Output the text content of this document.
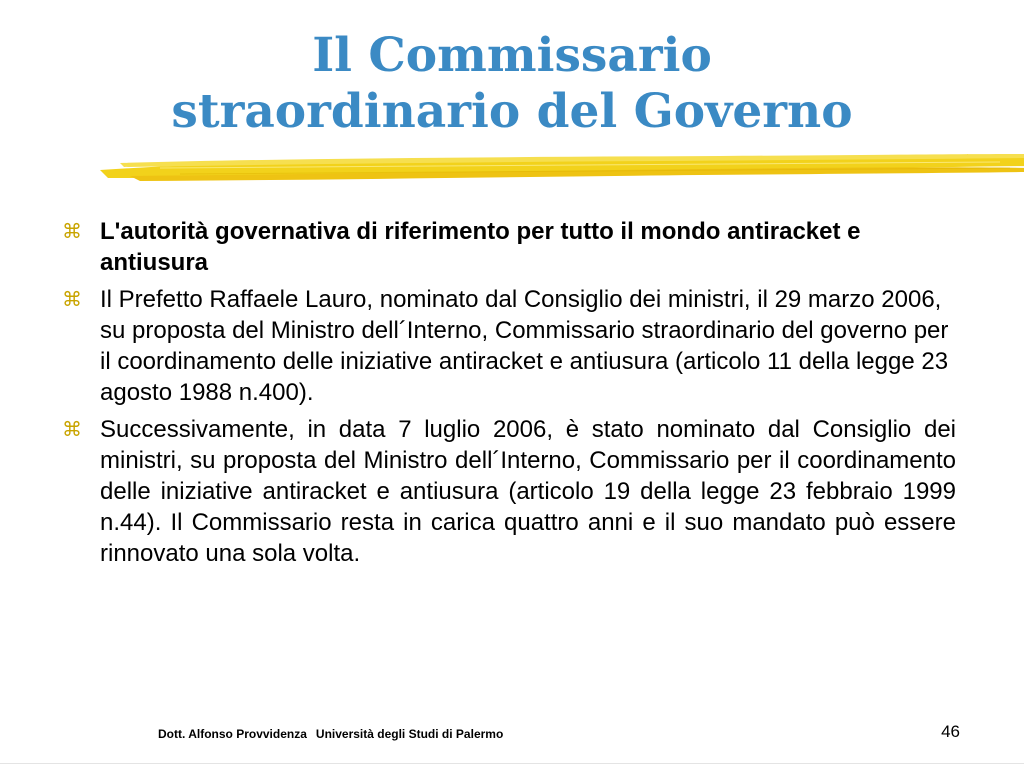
Il Commissario
straordinario del Governo
⌘ L'autorità governativa di riferimento per tutto il mondo antiracket e antiusura
⌘ Il Prefetto Raffaele Lauro, nominato dal Consiglio dei ministri, il 29 marzo 2006, su proposta del Ministro dell´Interno, Commissario straordinario del governo per il coordinamento delle iniziative antiracket e antiusura (articolo 11 della legge 23 agosto 1988 n.400).
⌘ Successivamente, in data 7 luglio 2006, è stato nominato dal Consiglio dei ministri, su proposta del Ministro dell´Interno, Commissario per il coordinamento delle iniziative antiracket e antiusura (articolo 19 della legge 23 febbraio 1999 n.44). Il Commissario resta in carica quattro anni e il suo mandato può essere rinnovato una sola volta.
Dott. Alfonso Provvidenza Università degli Studi di Palermo	46
